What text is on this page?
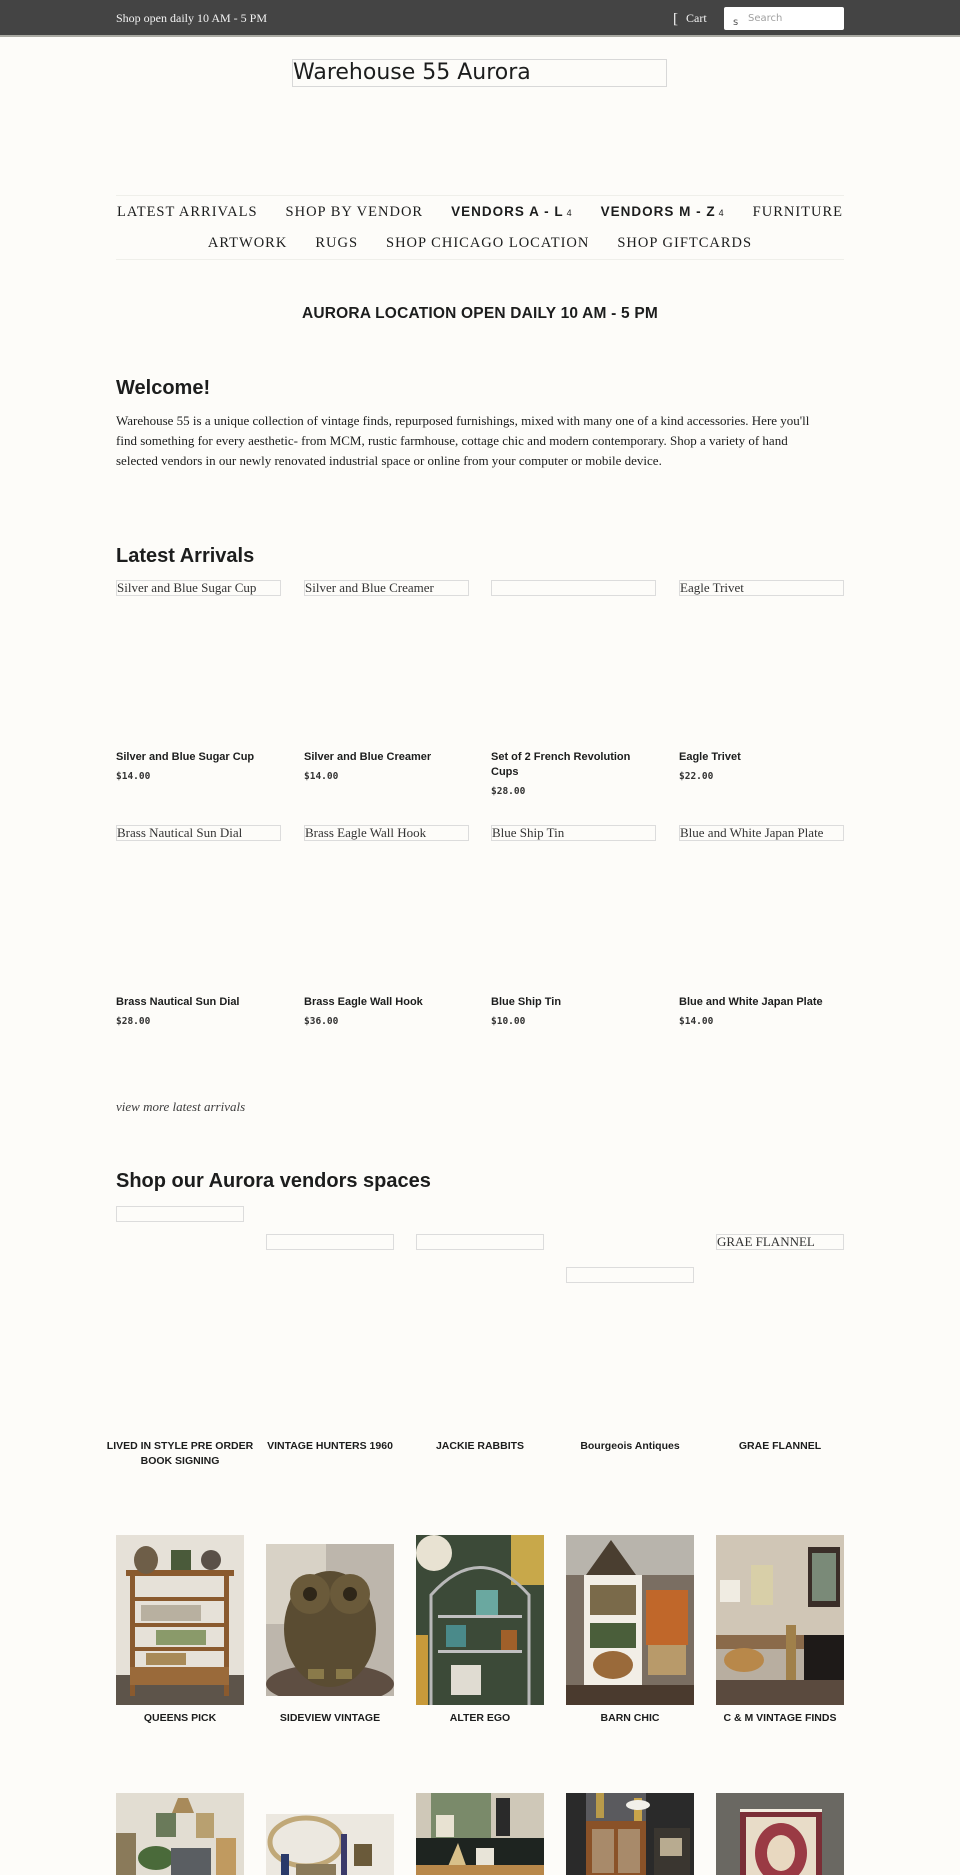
Shop open daily 10 AM - 5 PM	[ Cart	s
Search
Warehouse 55 Aurora
LATEST ARRIVALS	SHOP BY VENDOR	VENDORS A - L 4	VENDORS M - Z 4	FURNITURE
ARTWORK	RUGS	SHOP CHICAGO LOCATION	SHOP GIFTCARDS
AURORA LOCATION OPEN DAILY 10 AM - 5 PM
Welcome!

Warehouse 55 is a unique collection of vintage finds, repurposed furnishings, mixed with many one of a kind accessories. Here you'll find something for every aesthetic- from MCM, rustic farmhouse, cottage chic and modern contemporary. Shop a variety of hand selected vendors in our newly renovated industrial space or online from your computer or mobile device.

Latest Arrivals
Silver and Blue Sugar Cup
Silver and Blue Sugar Cup
$14.00
Silver and Blue Creamer
Silver and Blue Creamer
$14.00
Set of 2 French Revolution Cups
$28.00
Eagle Trivet
Eagle Trivet
$22.00
Brass Nautical Sun Dial
Brass Nautical Sun Dial
$28.00
Brass Eagle Wall Hook
Brass Eagle Wall Hook
$36.00
Blue Ship Tin
Blue Ship Tin
$10.00
Blue and White Japan Plate
Blue and White Japan Plate
$14.00
view more latest arrivals
Shop our Aurora vendors spaces
GRAE FLANNEL
LIVED IN STYLE PRE ORDER BOOK SIGNING
VINTAGE HUNTERS 1960	JACKIE RABBITS	Bourgeois Antiques	GRAE FLANNEL
QUEENS PICK	SIDEVIEW VINTAGE	ALTER EGO	BARN CHIC	C & M VINTAGE FINDS
